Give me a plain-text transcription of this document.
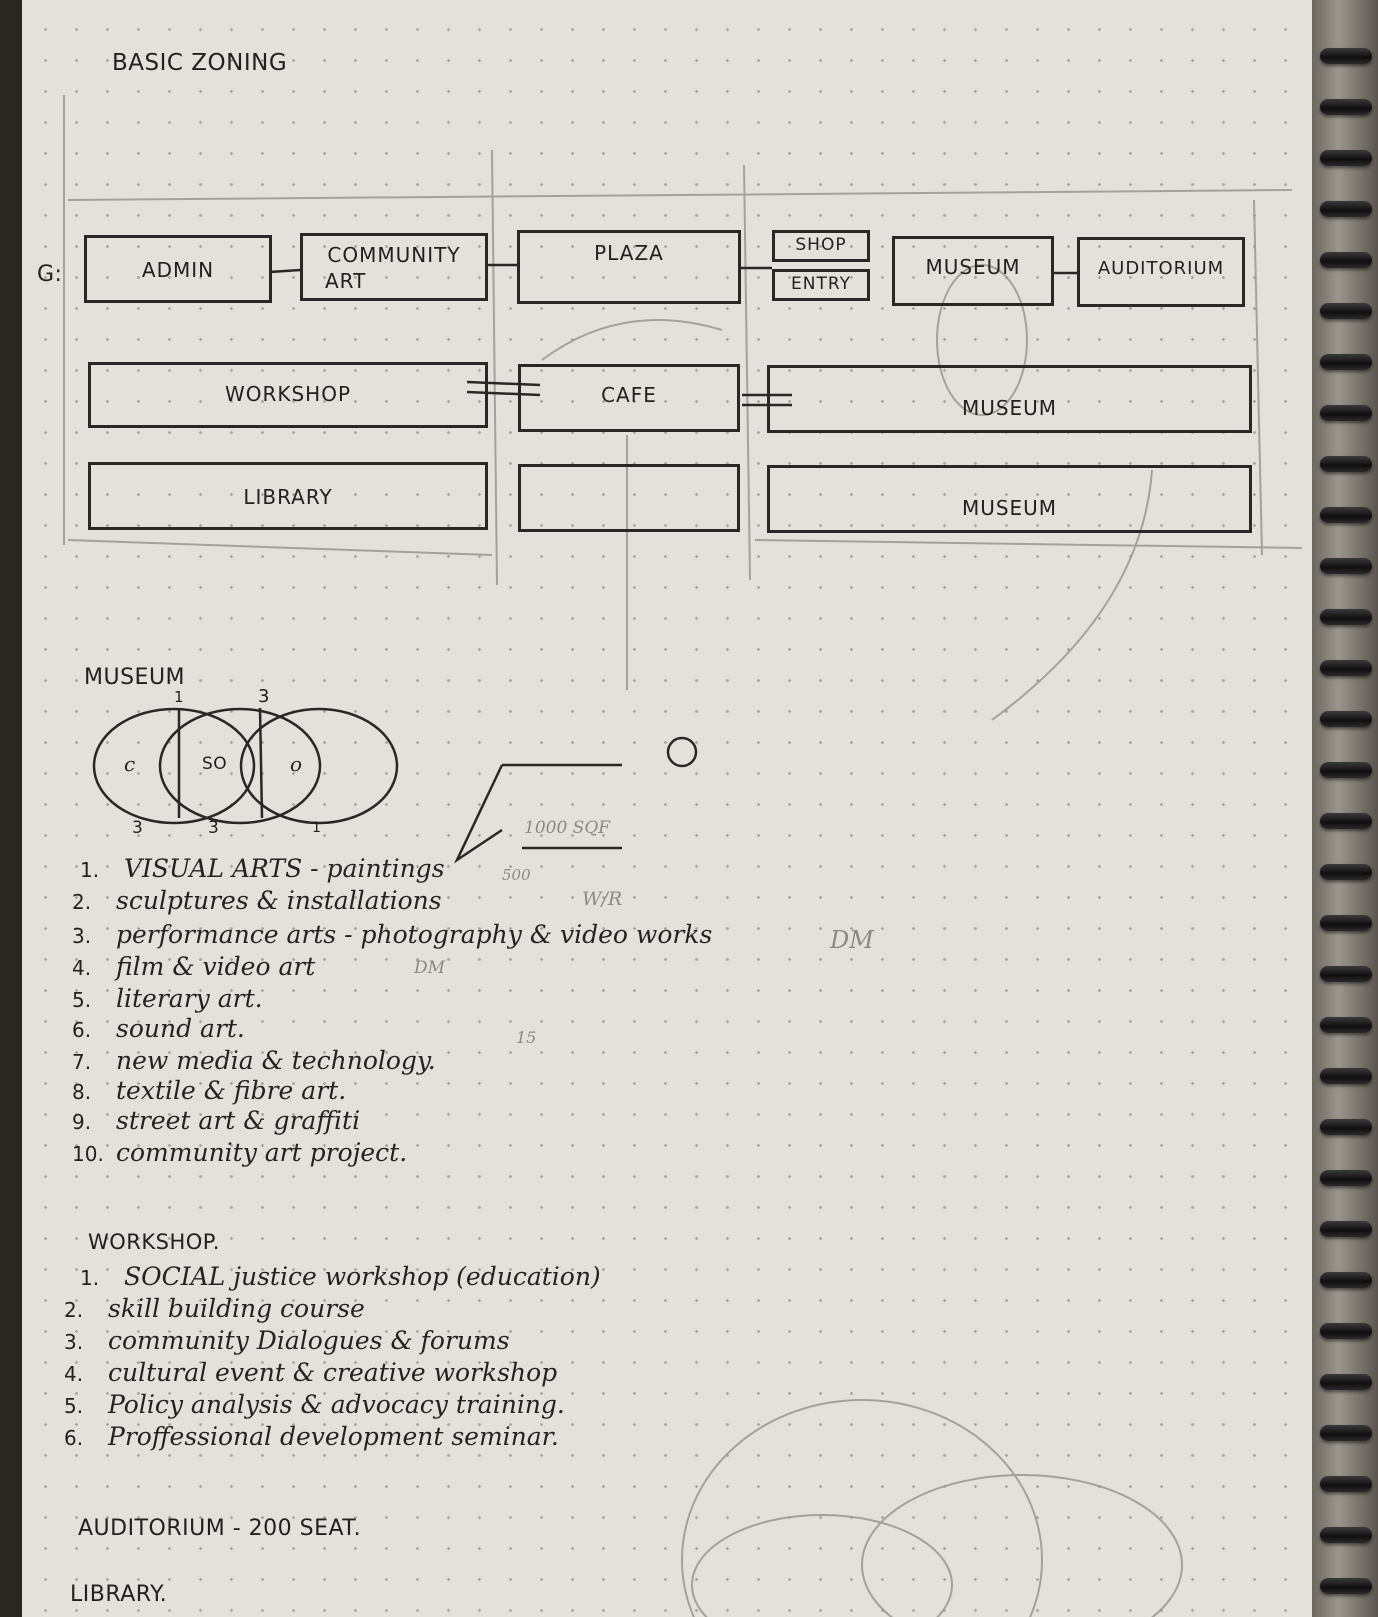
BASIC ZONING
G:	ADMIN
COMMUNITY
ART
PLAZA	SHOP
ENTRY
MUSEUM	AUDITORIUM
WORKSHOP	CAFE
MUSEUM
LIBRARY	MUSEUM
MUSEUM
c	SO	o
1	3
3	3	1	1000 SQF
1. VISUAL ARTS - paintings
2. sculptures & installations
3. performance arts - photography & video works
4. film & video art
5. literary art.
6. sound art.
7. new media & technology.
8. textile & fibre art.
9. street art & graffiti
10. community art project.
500
W/R
DM
DM
15
WORKSHOP.
1. SOCIAL justice workshop (education)
2. skill building course
3. community Dialogues & forums
4. cultural event & creative workshop
5. Policy analysis & advocacy training.
6. Proffessional development seminar.
AUDITORIUM - 200 SEAT.
LIBRARY.
